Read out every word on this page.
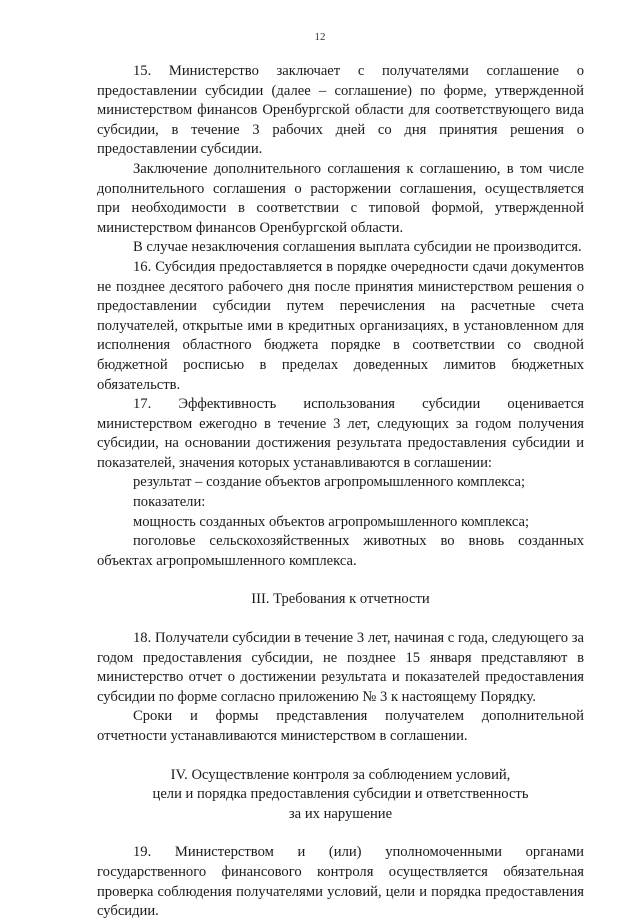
12

15. Министерство заключает с получателями соглашение о предоставлении субсидии (далее – соглашение) по форме, утвержденной министерством финансов Оренбургской области для соответствующего вида субсидии, в течение 3 рабочих дней со дня принятия решения о предоставлении субсидии.

Заключение дополнительного соглашения к соглашению, в том числе дополнительного соглашения о расторжении соглашения, осуществляется при необходимости в соответствии с типовой формой, утвержденной министерством финансов Оренбургской области.

В случае незаключения соглашения выплата субсидии не производится.

16. Субсидия предоставляется в порядке очередности сдачи документов не позднее десятого рабочего дня после принятия министерством решения о предоставлении субсидии путем перечисления на расчетные счета получателей, открытые ими в кредитных организациях, в установленном для исполнения областного бюджета порядке в соответствии со сводной бюджетной росписью в пределах доведенных лимитов бюджетных обязательств.

17. Эффективность использования субсидии оценивается министерством ежегодно в течение 3 лет, следующих за годом получения субсидии, на основании достижения результата предоставления субсидии и показателей, значения которых устанавливаются в соглашении:

результат – создание объектов агропромышленного комплекса;

показатели:

мощность созданных объектов агропромышленного комплекса;

поголовье сельскохозяйственных животных во вновь созданных объектах агропромышленного комплекса.

III. Требования к отчетности

18. Получатели субсидии в течение 3 лет, начиная с года, следующего за годом предоставления субсидии, не позднее 15 января представляют в министерство отчет о достижении результата и показателей предоставления субсидии по форме согласно приложению № 3 к настоящему Порядку.

Сроки и формы представления получателем дополнительной отчетности устанавливаются министерством в соглашении.

IV. Осуществление контроля за соблюдением условий,
цели и порядка предоставления субсидии и ответственность
за их нарушение

19. Министерством и (или) уполномоченными органами государственного финансового контроля осуществляется обязательная проверка соблюдения получателями условий, цели и порядка предоставления субсидии.
